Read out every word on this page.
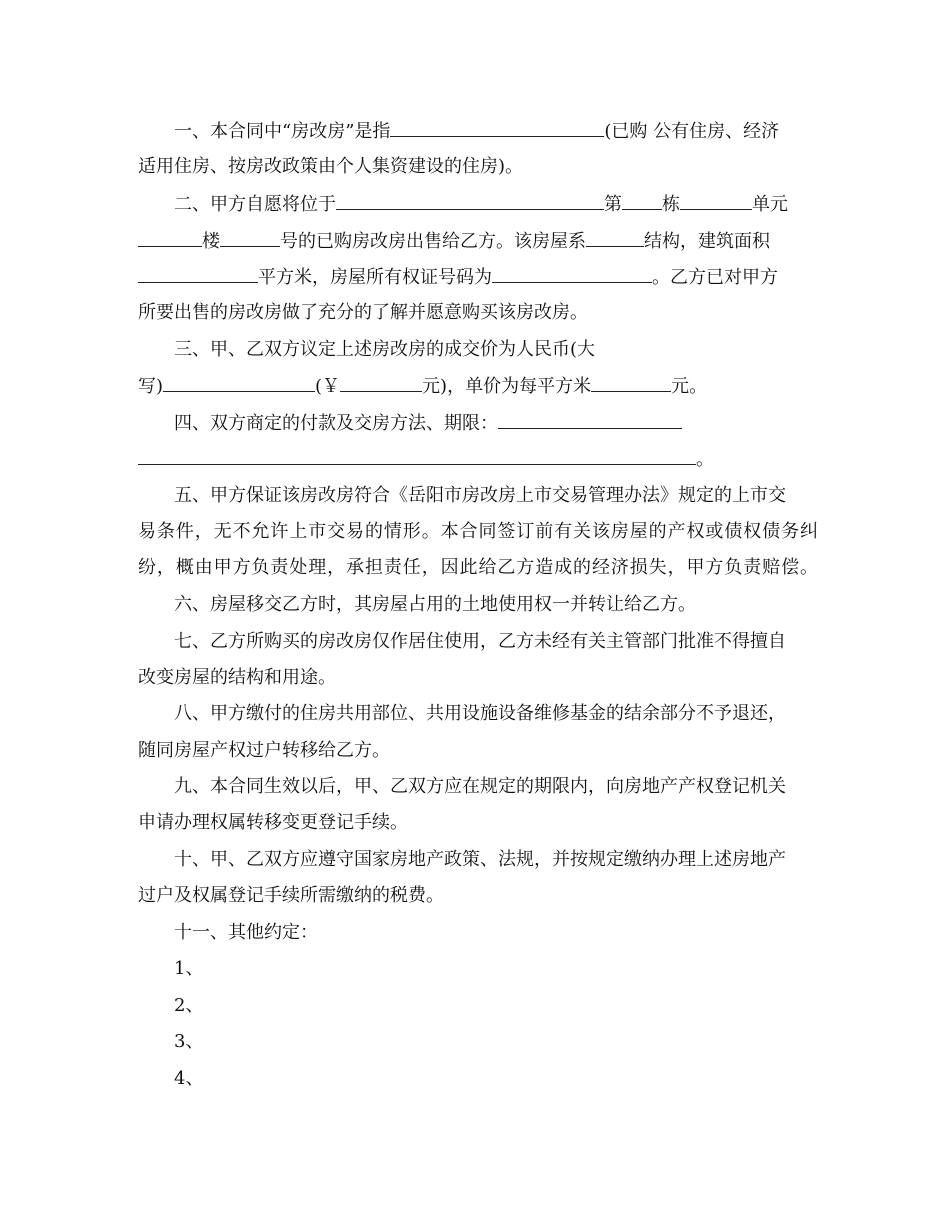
一、本合同中“房改房”是指	(已购 公有住房、经济
适用住房、按房改政策由个人集资建设的住房)。
二、甲方自愿将位于	第 栋	单元
楼	号的已购房改房出售给乙方。该房屋系	结构，建筑面积
平方米，房屋所有权证号码为	。乙方已对甲方
所要出售的房改房做了充分的了解并愿意购买该房改房。
三、甲、乙双方议定上述房改房的成交价为人民币(大
写)	(￥	元)，单价为每平方米	元。
四、双方商定的付款及交房方法、期限：
。
五、甲方保证该房改房符合《岳阳市房改房上市交易管理办法》规定的上市交
易条件，无不允许上市交易的情形。本合同签订前有关该房屋的产权或债权债务纠
纷，概由甲方负责处理，承担责任，因此给乙方造成的经济损失，甲方负责赔偿。
六、房屋移交乙方时，其房屋占用的土地使用权一并转让给乙方。
七、乙方所购买的房改房仅作居住使用，乙方未经有关主管部门批准不得擅自
改变房屋的结构和用途。
八、甲方缴付的住房共用部位、共用设施设备维修基金的结余部分不予退还，
随同房屋产权过户转移给乙方。
九、本合同生效以后，甲、乙双方应在规定的期限内，向房地产产权登记机关
申请办理权属转移变更登记手续。
十、甲、乙双方应遵守国家房地产政策、法规，并按规定缴纳办理上述房地产
过户及权属登记手续所需缴纳的税费。
十一、其他约定：
1、
2、
3、
4、
